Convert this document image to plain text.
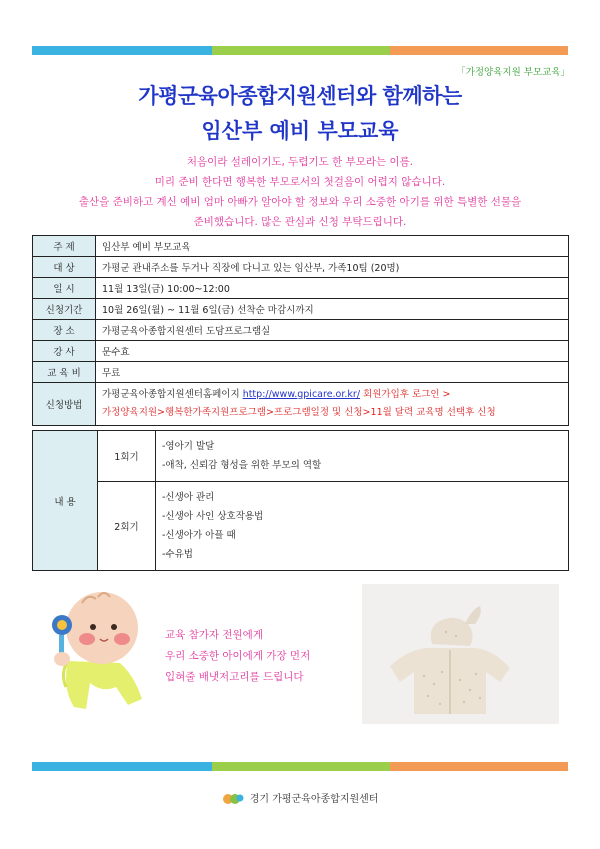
「가정양육지원 부모교육」
가평군육아종합지원센터와 함께하는
임산부 예비 부모교육
처음이라 설레이기도, 두렵기도 한 부모라는 이름.
미리 준비 한다면 행복한 부모로서의 첫걸음이 어렵지 않습니다.
출산을 준비하고 계신 예비 엄마 아빠가 알아야 할 정보와 우리 소중한 아기를 위한 특별한 선물을
준비했습니다. 많은 관심과 신청 부탁드립니다.
주 제	임산부 예비 부모교육
대 상	가평군 관내주소를 두거나 직장에 다니고 있는 임산부, 가족10팀 (20명)
일 시	11월 13일(금) 10:00~12:00
신청기간	10월 26일(월) ~ 11월 6일(금) 선착순 마감시까지
장 소	가평군육아종합지원센터 도담프로그램실
강 사	문수효
교 육 비	무료
신청방법	가평군육아종합지원센터홈페이지 http://www.gpicare.or.kr/ 회원가입후 로그인 >
가정양육지원>행복한가족지원프로그램>프로그램일정 및 신청>11월 달력 교육명 선택후 신청
내 용	1회기	-영아기 발달
-애착, 신뢰감 형성을 위한 부모의 역할

	2회기	-신생아 관리
-신생아 사인 상호작용법
-신생아가 아플 때
-수유법
교육 참가자 전원에게
우리 소중한 아이에게 가장 먼저
입혀줄 배냇저고리를 드립니다
경기 가평군육아종합지원센터
